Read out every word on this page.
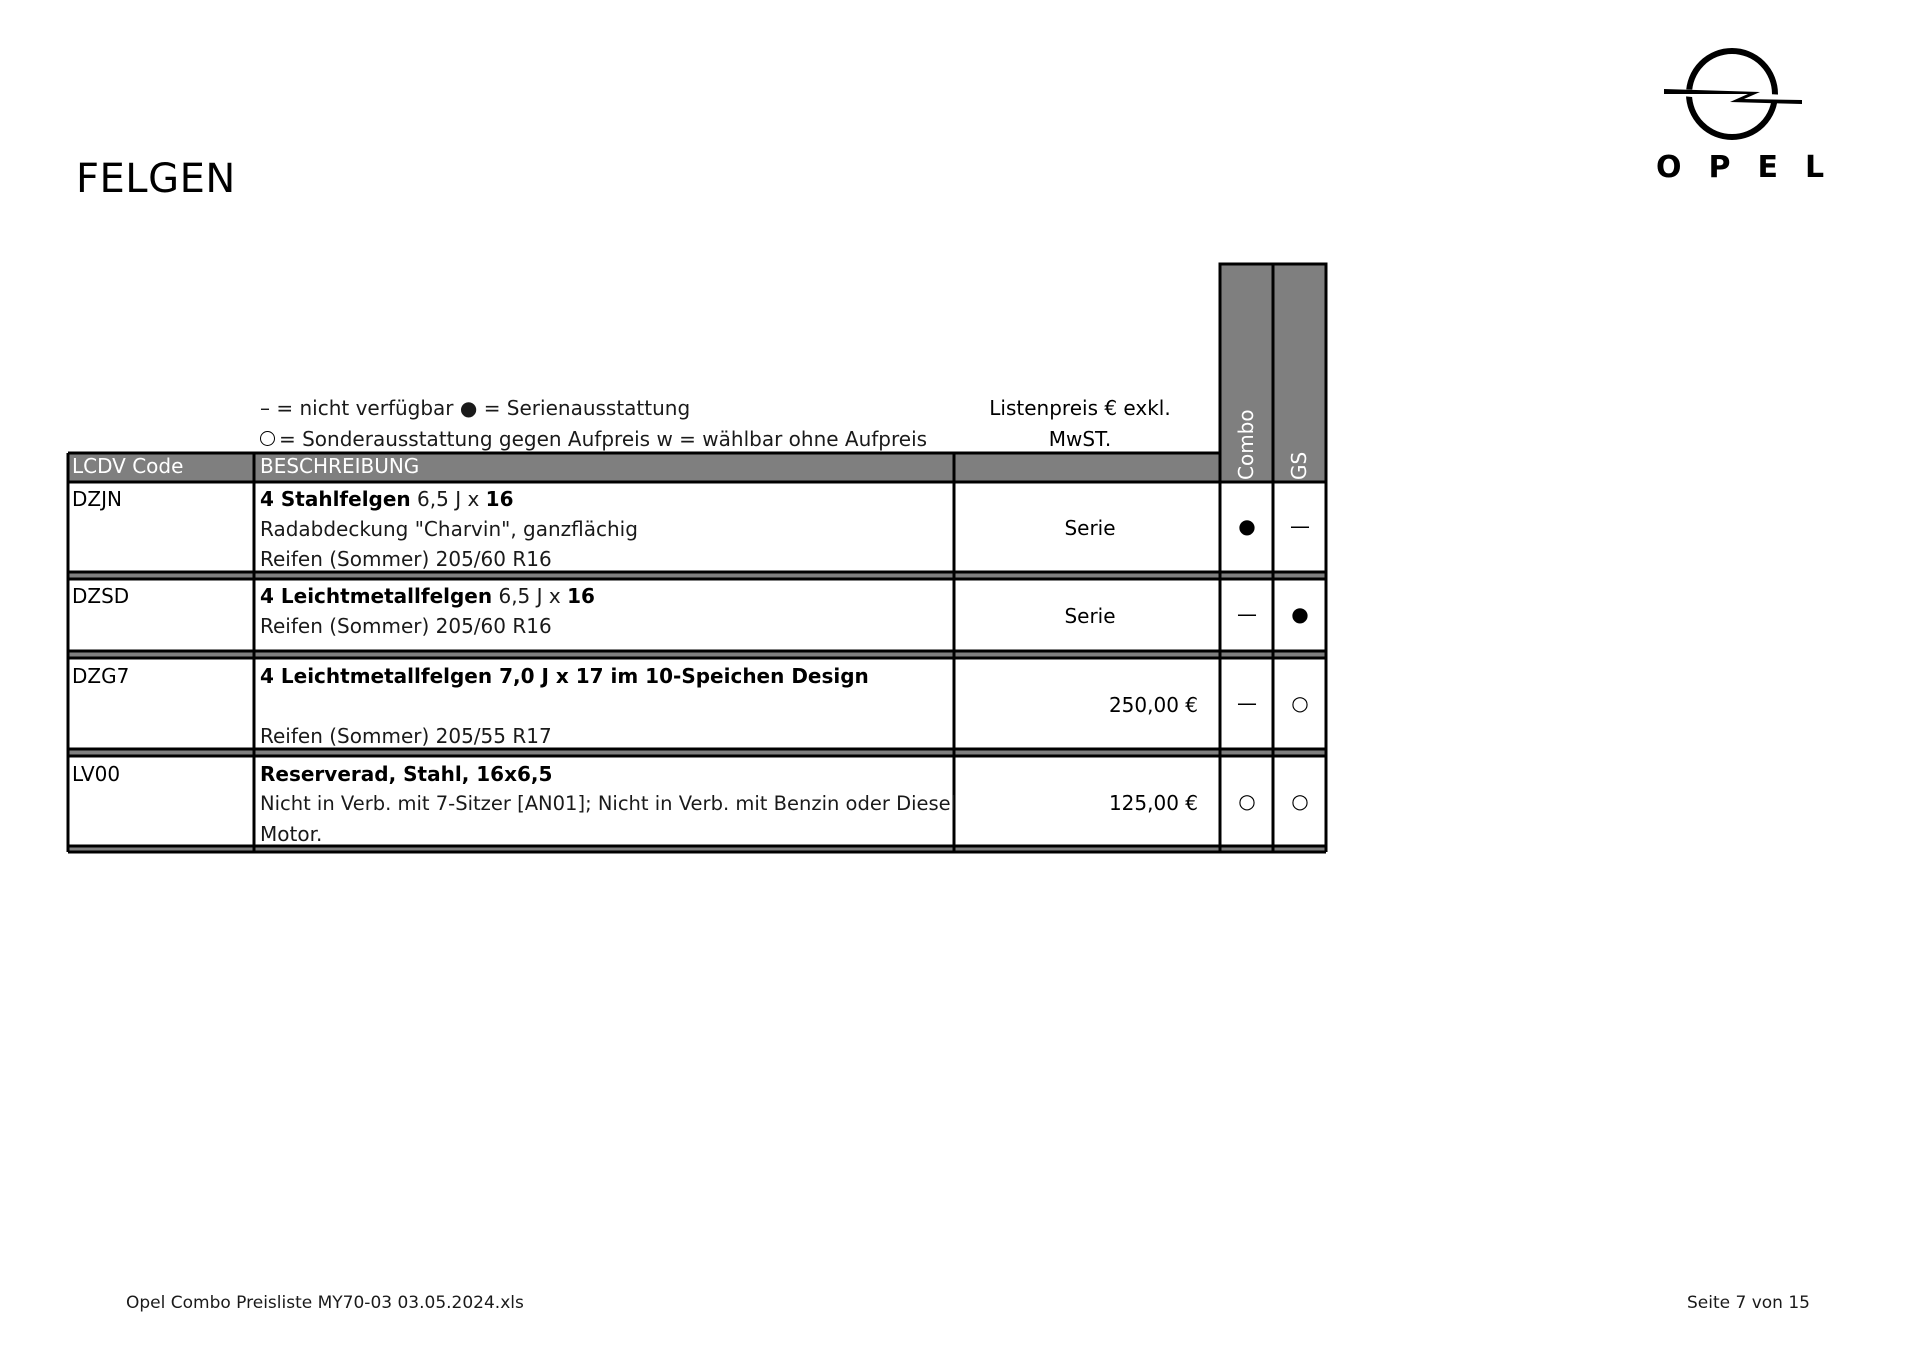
FELGEN	OPEL
– = nicht verfügbar ● = Serienausstattung
= Sonderausstattung gegen Aufpreis w = wählbar ohne Aufpreis
Listenpreis € exkl.
MwST.
LCDV Code	BESCHREIBUNG	Combo GS
DZJN	4 Stahlfelgen 6,5 J x 16
Radabdeckung "Charvin", ganzflächig
Reifen (Sommer) 205/60 R16
Serie	●	—
DZSD	4 Leichtmetallfelgen 6,5 J x 16
Reifen (Sommer) 205/60 R16	Serie	—	●
DZG7	4 Leichtmetallfelgen 7,0 J x 17 im 10-Speichen Design
Reifen (Sommer) 205/55 R17
250,00 €	—	○
LV00	Reserverad, Stahl, 16x6,5
Nicht in Verb. mit 7-Sitzer [AN01]; Nicht in Verb. mit Benzin oder Diesel
Motor.
125,00 €	○	○
Opel Combo Preisliste MY70-03 03.05.2024.xls	Seite 7 von 15
